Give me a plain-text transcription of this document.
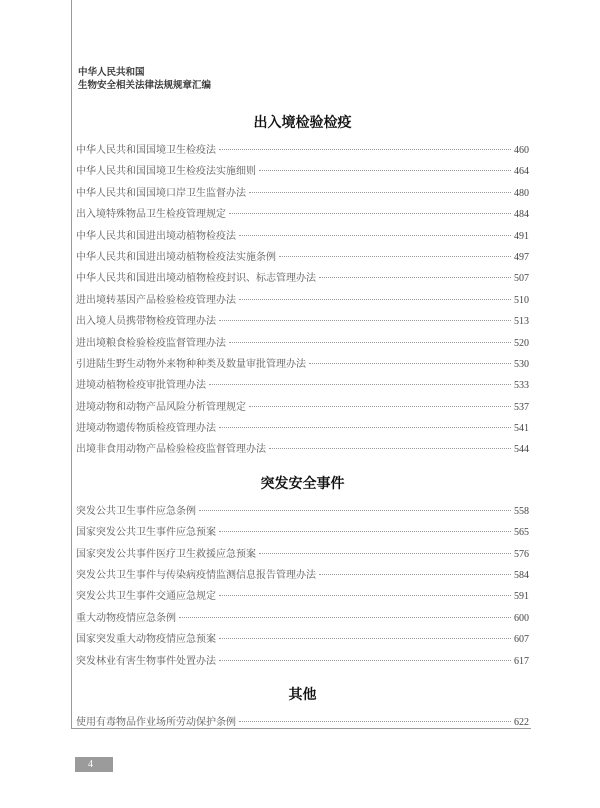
中华人民共和国
生物安全相关法律法规规章汇编
出入境检验检疫
中华人民共和国国境卫生检疫法	460
中华人民共和国国境卫生检疫法实施细则	464
中华人民共和国国境口岸卫生监督办法	480
出入境特殊物品卫生检疫管理规定	484
中华人民共和国进出境动植物检疫法	491
中华人民共和国进出境动植物检疫法实施条例	497
中华人民共和国进出境动植物检疫封识、标志管理办法	507
进出境转基因产品检验检疫管理办法	510
出入境人员携带物检疫管理办法	513
进出境粮食检验检疫监督管理办法	520
引进陆生野生动物外来物种种类及数量审批管理办法	530
进境动植物检疫审批管理办法	533
进境动物和动物产品风险分析管理规定	537
进境动物遗传物质检疫管理办法	541
出境非食用动物产品检验检疫监督管理办法	544
突发安全事件
突发公共卫生事件应急条例	558
国家突发公共卫生事件应急预案	565
国家突发公共事件医疗卫生救援应急预案	576
突发公共卫生事件与传染病疫情监测信息报告管理办法	584
突发公共卫生事件交通应急规定	591
重大动物疫情应急条例	600
国家突发重大动物疫情应急预案	607
突发林业有害生物事件处置办法	617
其他
使用有毒物品作业场所劳动保护条例	622
4
